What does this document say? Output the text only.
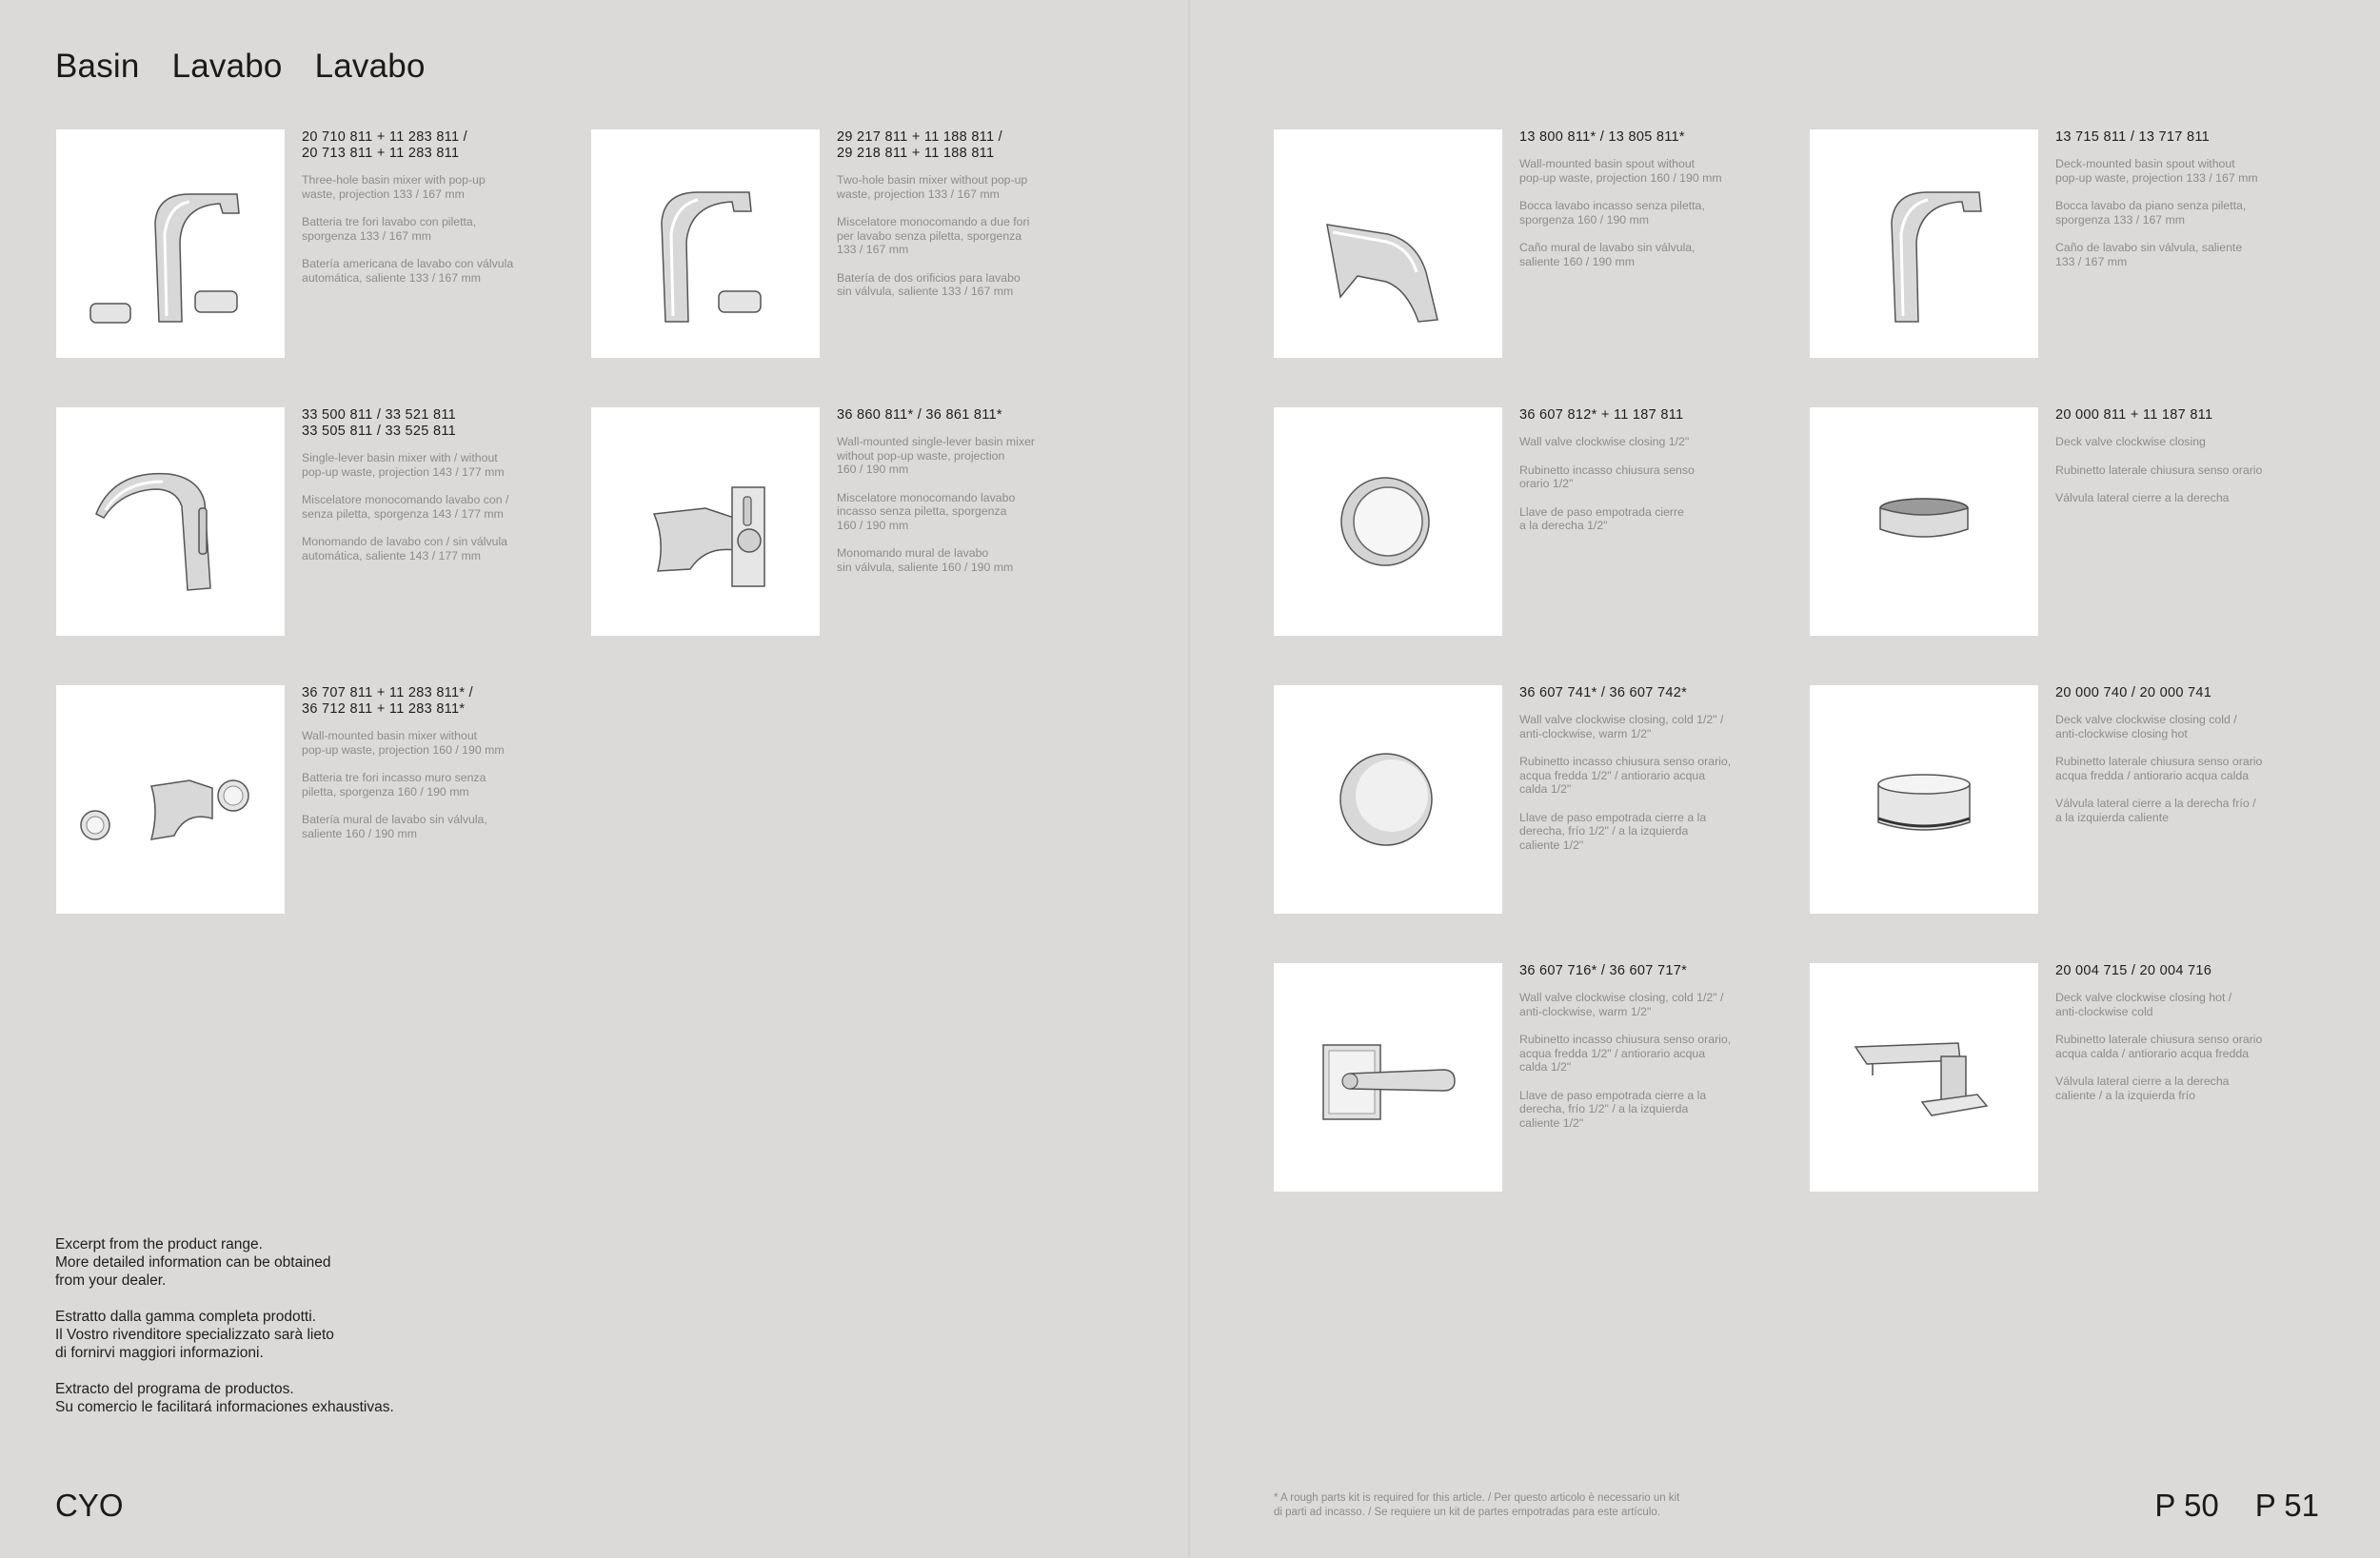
Basin Lavabo Lavabo

20 710 811 + 11 283 811 /
20 713 811 + 11 283 811

Three-hole basin mixer with pop-up
waste, projection 133 / 167 mm

Batteria tre fori lavabo con piletta,
sporgenza 133 / 167 mm

Batería americana de lavabo con válvula
automática, saliente 133 / 167 mm

29 217 811 + 11 188 811 /
29 218 811 + 11 188 811

Two-hole basin mixer without pop-up
waste, projection 133 / 167 mm

Miscelatore monocomando a due fori
per lavabo senza piletta, sporgenza
133 / 167 mm

Batería de dos orificios para lavabo
sin válvula, saliente 133 / 167 mm

33 500 811 / 33 521 811
33 505 811 / 33 525 811

Single-lever basin mixer with / without
pop-up waste, projection 143 / 177 mm

Miscelatore monocomando lavabo con /
senza piletta, sporgenza 143 / 177 mm

Monomando de lavabo con / sin válvula
automática, saliente 143 / 177 mm

36 860 811* / 36 861 811*

Wall-mounted single-lever basin mixer
without pop-up waste, projection
160 / 190 mm

Miscelatore monocomando lavabo
incasso senza piletta, sporgenza
160 / 190 mm

Monomando mural de lavabo
sin válvula, saliente 160 / 190 mm

36 707 811 + 11 283 811* /
36 712 811 + 11 283 811*

Wall-mounted basin mixer without
pop-up waste, projection 160 / 190 mm

Batteria tre fori incasso muro senza
piletta, sporgenza 160 / 190 mm

Batería mural de lavabo sin válvula,
saliente 160 / 190 mm

13 800 811* / 13 805 811*

Wall-mounted basin spout without
pop-up waste, projection 160 / 190 mm

Bocca lavabo incasso senza piletta,
sporgenza 160 / 190 mm

Caño mural de lavabo sin válvula,
saliente 160 / 190 mm

13 715 811 / 13 717 811

Deck-mounted basin spout without
pop-up waste, projection 133 / 167 mm

Bocca lavabo da piano senza piletta,
sporgenza 133 / 167 mm

Caño de lavabo sin válvula, saliente
133 / 167 mm

36 607 812* + 11 187 811

Wall valve clockwise closing 1/2"

Rubinetto incasso chiusura senso
orario 1/2"

Llave de paso empotrada cierre
a la derecha 1/2"

20 000 811 + 11 187 811

Deck valve clockwise closing

Rubinetto laterale chiusura senso orario

Válvula lateral cierre a la derecha

36 607 741* / 36 607 742*

Wall valve clockwise closing, cold 1/2" /
anti-clockwise, warm 1/2"

Rubinetto incasso chiusura senso orario,
acqua fredda 1/2" / antiorario acqua
calda 1/2"

Llave de paso empotrada cierre a la
derecha, frío 1/2" / a la izquierda
caliente 1/2"

20 000 740 / 20 000 741

Deck valve clockwise closing cold /
anti-clockwise closing hot

Rubinetto laterale chiusura senso orario
acqua fredda / antiorario acqua calda

Válvula lateral cierre a la derecha frío /
a la izquierda caliente

36 607 716* / 36 607 717*

Wall valve clockwise closing, cold 1/2" /
anti-clockwise, warm 1/2"

Rubinetto incasso chiusura senso orario,
acqua fredda 1/2" / antiorario acqua
calda 1/2"

Llave de paso empotrada cierre a la
derecha, frío 1/2" / a la izquierda
caliente 1/2"

20 004 715 / 20 004 716

Deck valve clockwise closing hot /
anti-clockwise cold

Rubinetto laterale chiusura senso orario
acqua calda / antiorario acqua fredda

Válvula lateral cierre a la derecha
caliente / a la izquierda frío

Excerpt from the product range.
More detailed information can be obtained
from your dealer.

Estratto dalla gamma completa prodotti.
Il Vostro rivenditore specializzato sarà lieto
di fornirvi maggiori informazioni.

Extracto del programa de productos.
Su comercio le facilitará informaciones exhaustivas.

CYO	* A rough parts kit is required for this article. / Per questo articolo è necessario un kit
di parti ad incasso. / Se requiere un kit de partes empotradas para este artículo.	P 50 P 51
